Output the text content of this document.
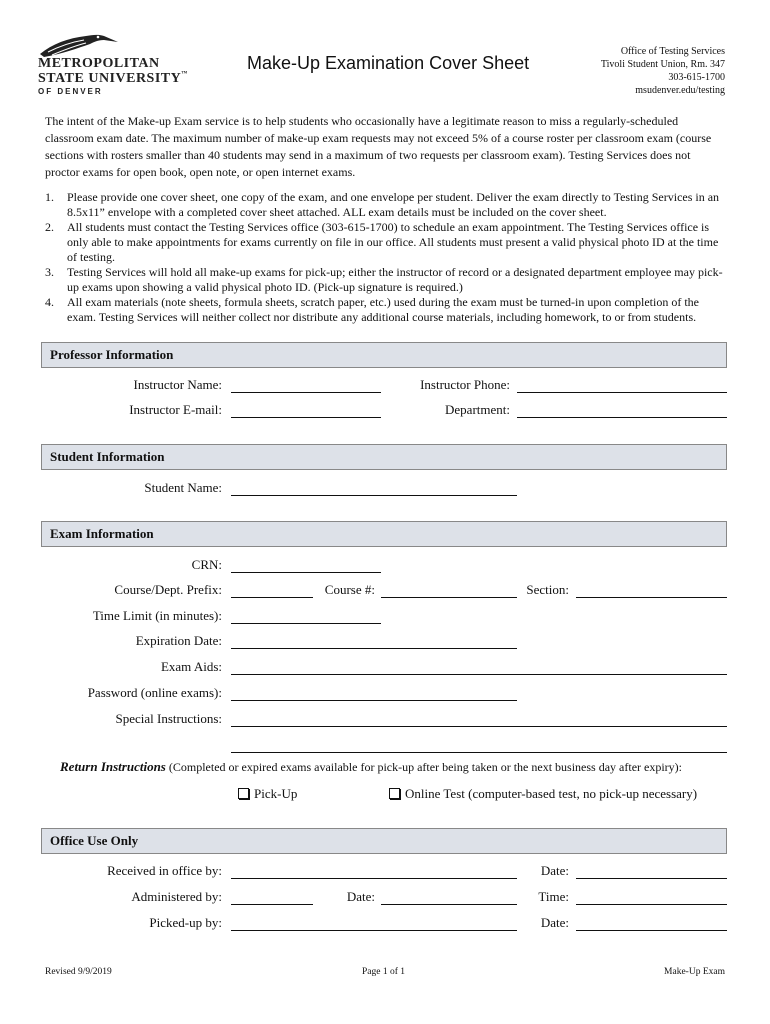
METROPOLITAN
STATE UNIVERSITY™
OF DENVER
Make-Up Examination Cover Sheet
Office of Testing Services
Tivoli Student Union, Rm. 347
303-615-1700
msudenver.edu/testing
The intent of the Make-up Exam service is to help students who occasionally have a legitimate reason to miss a regularly-scheduled classroom exam date. The maximum number of make-up exam requests may not exceed 5% of a course roster per classroom exam (course sections with rosters smaller than 40 students may send in a maximum of two requests per classroom exam). Testing Services does not proctor exams for open book, open note, or open internet exams.
1. Please provide one cover sheet, one copy of the exam, and one envelope per student. Deliver the exam directly to Testing Services in an 8.5x11” envelope with a completed cover sheet attached. ALL exam details must be included on the cover sheet.
2. All students must contact the Testing Services office (303-615-1700) to schedule an exam appointment. The Testing Services office is only able to make appointments for exams currently on file in our office. All students must present a valid physical photo ID at the time of testing.
3. Testing Services will hold all make-up exams for pick-up; either the instructor of record or a designated department employee may pick-up exams upon showing a valid physical photo ID. (Pick-up signature is required.)
4. All exam materials (note sheets, formula sheets, scratch paper, etc.) used during the exam must be turned-in upon completion of the exam. Testing Services will neither collect nor distribute any additional course materials, including homework, to or from students.
Professor Information
Instructor Name:	Instructor Phone:
Instructor E-mail:	Department:
Student Information
Student Name:
Exam Information
CRN:
Course/Dept. Prefix:	Course #:	Section:
Time Limit (in minutes):
Expiration Date:
Exam Aids:
Password (online exams):
Special Instructions:
Return Instructions (Completed or expired exams available for pick-up after being taken or the next business day after expiry):
Pick-Up	Online Test (computer-based test, no pick-up necessary)
Office Use Only
Received in office by:	Date:
Administered by:	Date:	Time:
Picked-up by:	Date:
Revised 9/9/2019	Page 1 of 1	Make-Up Exam
